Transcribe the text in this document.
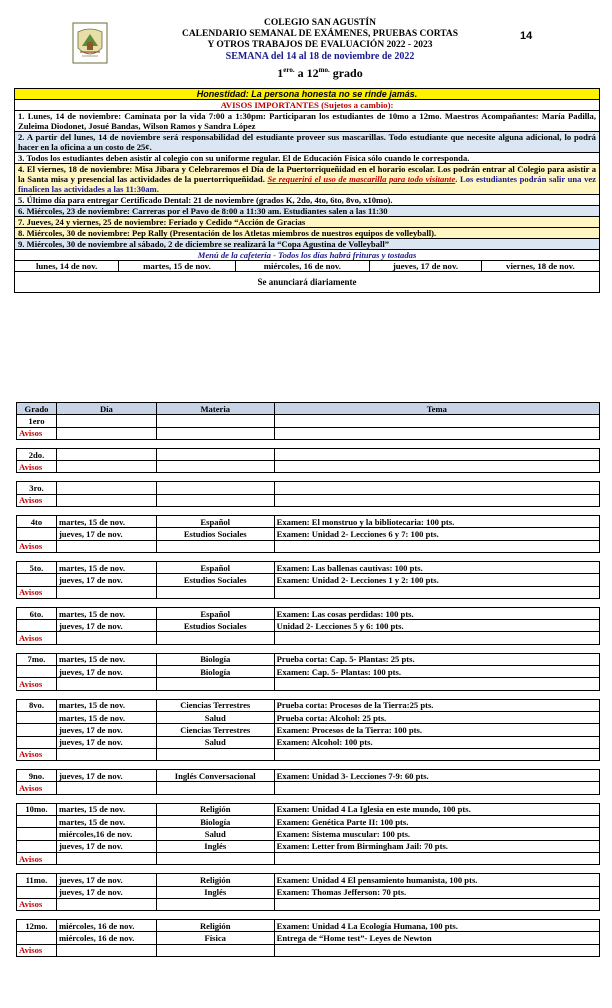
COLEGIO SAN AGUSTÍN
CALENDARIO SEMANAL DE EXÁMENES, PRUEBAS CORTAS
Y OTROS TRABAJOS DE EVALUACIÓN 2022 - 2023
SEMANA del 14 al 18 de noviembre de 2022
$1^{ero.}$ a $12^{mo.}$ grado
14
Honestidad: La persona honesta no se rinde jamás.
AVISOS IMPORTANTES (Sujetos a cambio):
1. Lunes, 14 de noviembre: Caminata por la vida 7:00 a 1:30pm: Participaran los estudiantes de 10mo a 12mo. Maestros Acompañantes: María Padilla, Zuleima Diodonet, Josué Bandas, Wilson Ramos y Sandra López
2. A partir del lunes, 14 de noviembre será responsabilidad del estudiante proveer sus mascarillas. Todo estudiante que necesite alguna adicional, lo podrá hacer en la oficina a un costo de 25¢.
3. Todos los estudiantes deben asistir al colegio con su uniforme regular. El de Educación Física sólo cuando le corresponda.
4. El viernes, 18 de noviembre: Misa Jíbara y Celebraremos el Día de la Puertorriqueñidad en el horario escolar. Los podrán entrar al Colegio para asistir a la Santa misa y presencial las actividades de la puertorriqueñidad. Se requerirá el uso de mascarilla para todo visitante. Los estudiantes podrán salir una vez finalicen las actividades a las 11:30am.
5. Último día para entregar Certificado Dental: 21 de noviembre (grados K, 2do, 4to, 6to, 8vo, x10mo).
6. Miércoles, 23 de noviembre: Carreras por el Pavo de 8:00 a 11:30 am. Estudiantes salen a las 11:30
7. Jueves, 24 y viernes, 25 de noviembre: Feriado y Cedido “Acción de Gracias
8. Miércoles, 30 de noviembre: Pep Rally (Presentación de los Atletas miembros de nuestros equipos de volleyball).
9. Miércoles, 30 de noviembre al sábado, 2 de diciembre se realizará la “Copa Agustina de Volleyball”
Menú de la cafetería - Todos los días habrá frituras y tostadas
lunes, 14 de nov.	martes, 15 de nov.	miércoles, 16 de nov.	jueves, 17 de nov.	viernes, 18 de nov.
Se anunciará diariamente
Grado	Día	Materia	Tema
1ero			
Avisos			

2do.			
Avisos			

3ro.			
Avisos			

4to	martes, 15 de nov.	Español	Examen: El monstruo y la bibliotecaria: 100 pts.
	jueves, 17 de nov.	Estudios Sociales	Examen: Unidad 2- Lecciones 6 y 7: 100 pts.
Avisos			

5to.	martes, 15 de nov.	Español	Examen: Las ballenas cautivas: 100 pts.
	jueves, 17 de nov.	Estudios Sociales	Examen: Unidad 2- Lecciones 1 y 2: 100 pts.
Avisos			

6to.	martes, 15 de nov.	Español	Examen: Las cosas perdidas: 100 pts.
	jueves, 17 de nov.	Estudios Sociales	Unidad 2- Lecciones 5 y 6: 100 pts.
Avisos			

7mo.	martes, 15 de nov.	Biología	Prueba corta: Cap. 5- Plantas: 25 pts.
	jueves, 17 de nov.	Biología	Examen: Cap. 5- Plantas: 100 pts.
Avisos			

8vo.	martes, 15 de nov.	Ciencias Terrestres	Prueba corta: Procesos de la Tierra:25 pts.
	martes, 15 de nov.	Salud	Prueba corta: Alcohol: 25 pts.
	jueves, 17 de nov.	Ciencias Terrestres	Examen: Procesos de la Tierra: 100 pts.
	jueves, 17 de nov.	Salud	Examen: Alcohol: 100 pts.
Avisos			

9no.	jueves, 17 de nov.	Inglés Conversacional	Examen: Unidad 3- Lecciones 7-9: 60 pts.
Avisos			

10mo.	martes, 15 de nov.	Religión	Examen: Unidad 4 La Iglesia en este mundo, 100 pts.
	martes, 15 de nov.	Biología	Examen: Genética Parte II: 100 pts.
	miércoles,16 de nov.	Salud	Examen: Sistema muscular: 100 pts.
	jueves, 17 de nov.	Inglés	Examen: Letter from Birmingham Jail: 70 pts.
Avisos			

11mo.	jueves, 17 de nov.	Religión	Examen: Unidad 4 El pensamiento humanista, 100 pts.
	jueves, 17 de nov.	Inglés	Examen: Thomas Jefferson: 70 pts.
Avisos			

12mo.	miércoles, 16 de nov.	Religión	Examen: Unidad 4 La Ecología Humana, 100 pts.
	miércoles, 16 de nov.	Física	Entrega de “Home test”- Leyes de Newton
Avisos			
